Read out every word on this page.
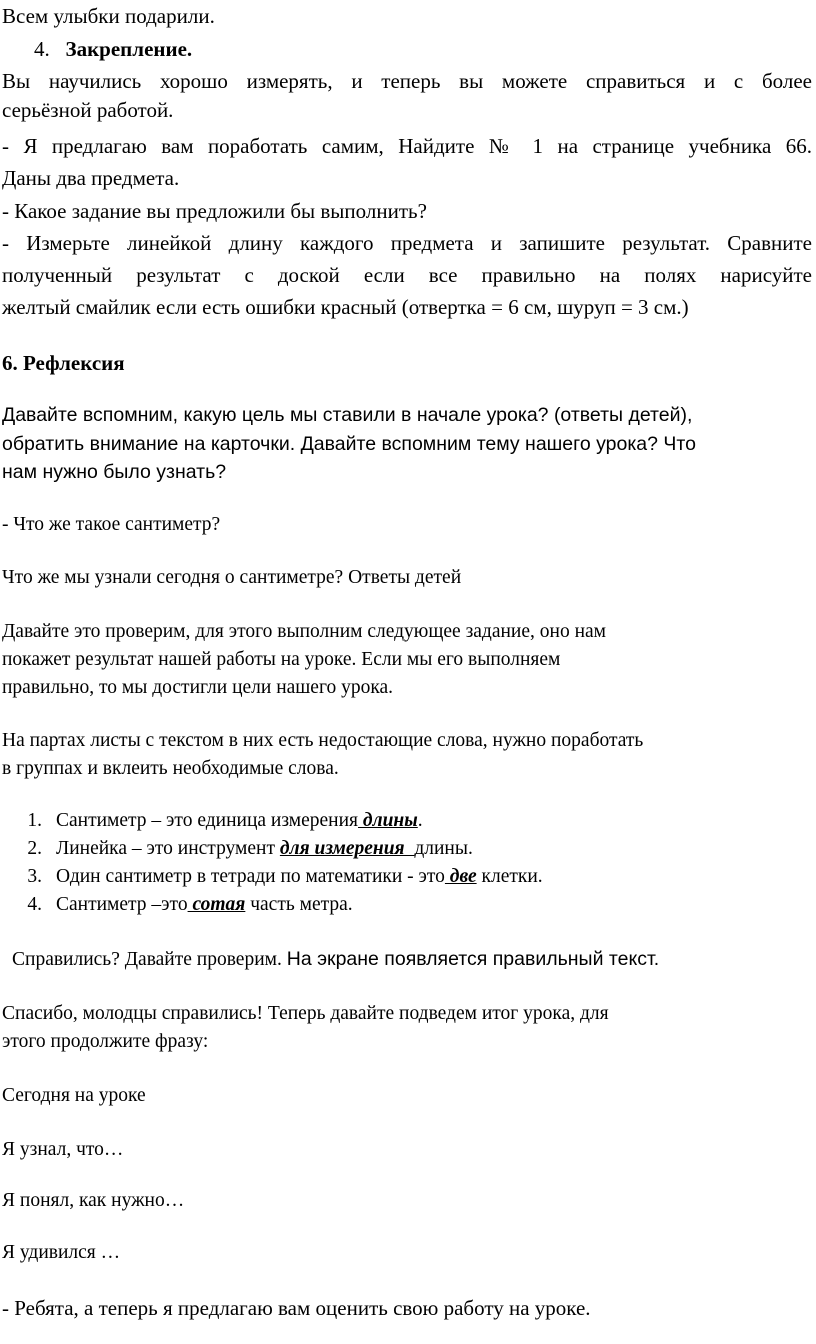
Всем улыбки подарили.
4. Закрепление.
Вы научились хорошо измерять, и теперь вы можете справиться и с более
серьёзной работой.
- Я предлагаю вам поработать самим, Найдите № 1 на странице учебника 66.
Даны два предмета.
- Какое задание вы предложили бы выполнить?
- Измерьте линейкой длину каждого предмета и запишите результат. Сравните
полученный результат с доской если все правильно на полях нарисуйте
желтый смайлик если есть ошибки красный (отвертка = 6 см, шуруп = 3 см.)
6. Рефлексия
Давайте вспомним, какую цель мы ставили в начале урока? (ответы детей),
обратить внимание на карточки. Давайте вспомним тему нашего урока? Что
нам нужно было узнать?
- Что же такое сантиметр?
Что же мы узнали сегодня о сантиметре? Ответы детей
Давайте это проверим, для этого выполним следующее задание, оно нам
покажет результат нашей работы на уроке. Если мы его выполняем
правильно, то мы достигли цели нашего урока.
На партах листы с текстом в них есть недостающие слова, нужно поработать
в группах и вклеить необходимые слова.
1. Сантиметр – это единица измерения длины.
2. Линейка – это инструмент для измерения  длины.
3. Один сантиметр в тетради по математики - это две клетки.
4. Сантиметр –это сотая часть метра.
Справились? Давайте проверим. На экране появляется правильный текст.
Спасибо, молодцы справились! Теперь давайте подведем итог урока, для
этого продолжите фразу:
Сегодня на уроке
Я узнал, что…
Я понял, как нужно…
Я удивился …
- Ребята, а теперь я предлагаю вам оценить свою работу на уроке.
